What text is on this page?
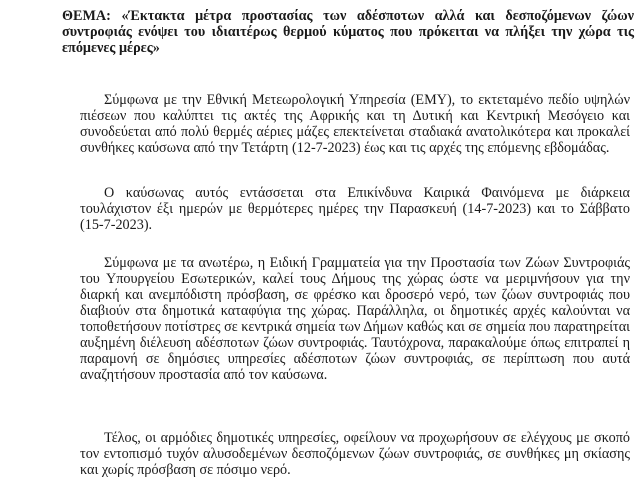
ΘΕΜΑ: «Έκτακτα μέτρα προστασίας των αδέσποτων αλλά και δεσποζόμενων ζώων συντροφιάς ενόψει του ιδιαιτέρως θερμού κύματος που πρόκειται να πλήξει την χώρα τις επόμενες μέρες»
Σύμφωνα με την Εθνική Μετεωρολογική Υπηρεσία (ΕΜΥ), το εκτεταμένο πεδίο υψηλών πιέσεων που καλύπτει τις ακτές της Αφρικής και τη Δυτική και Κεντρική Μεσόγειο και συνοδεύεται από πολύ θερμές αέριες μάζες επεκτείνεται σταδιακά ανατολικότερα και προκαλεί συνθήκες καύσωνα από την Τετάρτη (12-7-2023) έως και τις αρχές της επόμενης εβδομάδας.
Ο καύσωνας αυτός εντάσσεται στα Επικίνδυνα Καιρικά Φαινόμενα με διάρκεια τουλάχιστον έξι ημερών με θερμότερες ημέρες την Παρασκευή (14-7-2023) και το Σάββατο (15-7-2023).
Σύμφωνα με τα ανωτέρω, η Ειδική Γραμματεία για την Προστασία των Ζώων Συντροφιάς του Υπουργείου Εσωτερικών, καλεί τους Δήμους της χώρας ώστε να μεριμνήσουν για την διαρκή και ανεμπόδιστη πρόσβαση, σε φρέσκο και δροσερό νερό, των ζώων συντροφιάς που διαβιούν στα δημοτικά καταφύγια της χώρας. Παράλληλα, οι δημοτικές αρχές καλούνται να τοποθετήσουν ποτίστρες σε κεντρικά σημεία των Δήμων καθώς και σε σημεία που παρατηρείται αυξημένη διέλευση αδέσποτων ζώων συντροφιάς. Ταυτόχρονα, παρακαλούμε όπως επιτραπεί η παραμονή σε δημόσιες υπηρεσίες αδέσποτων ζώων συντροφιάς, σε περίπτωση που αυτά αναζητήσουν προστασία από τον καύσωνα.
Τέλος, οι αρμόδιες δημοτικές υπηρεσίες, οφείλουν να προχωρήσουν σε ελέγχους με σκοπό τον εντοπισμό τυχόν αλυσοδεμένων δεσποζόμενων ζώων συντροφιάς, σε συνθήκες μη σκίασης και χωρίς πρόσβαση σε πόσιμο νερό.
